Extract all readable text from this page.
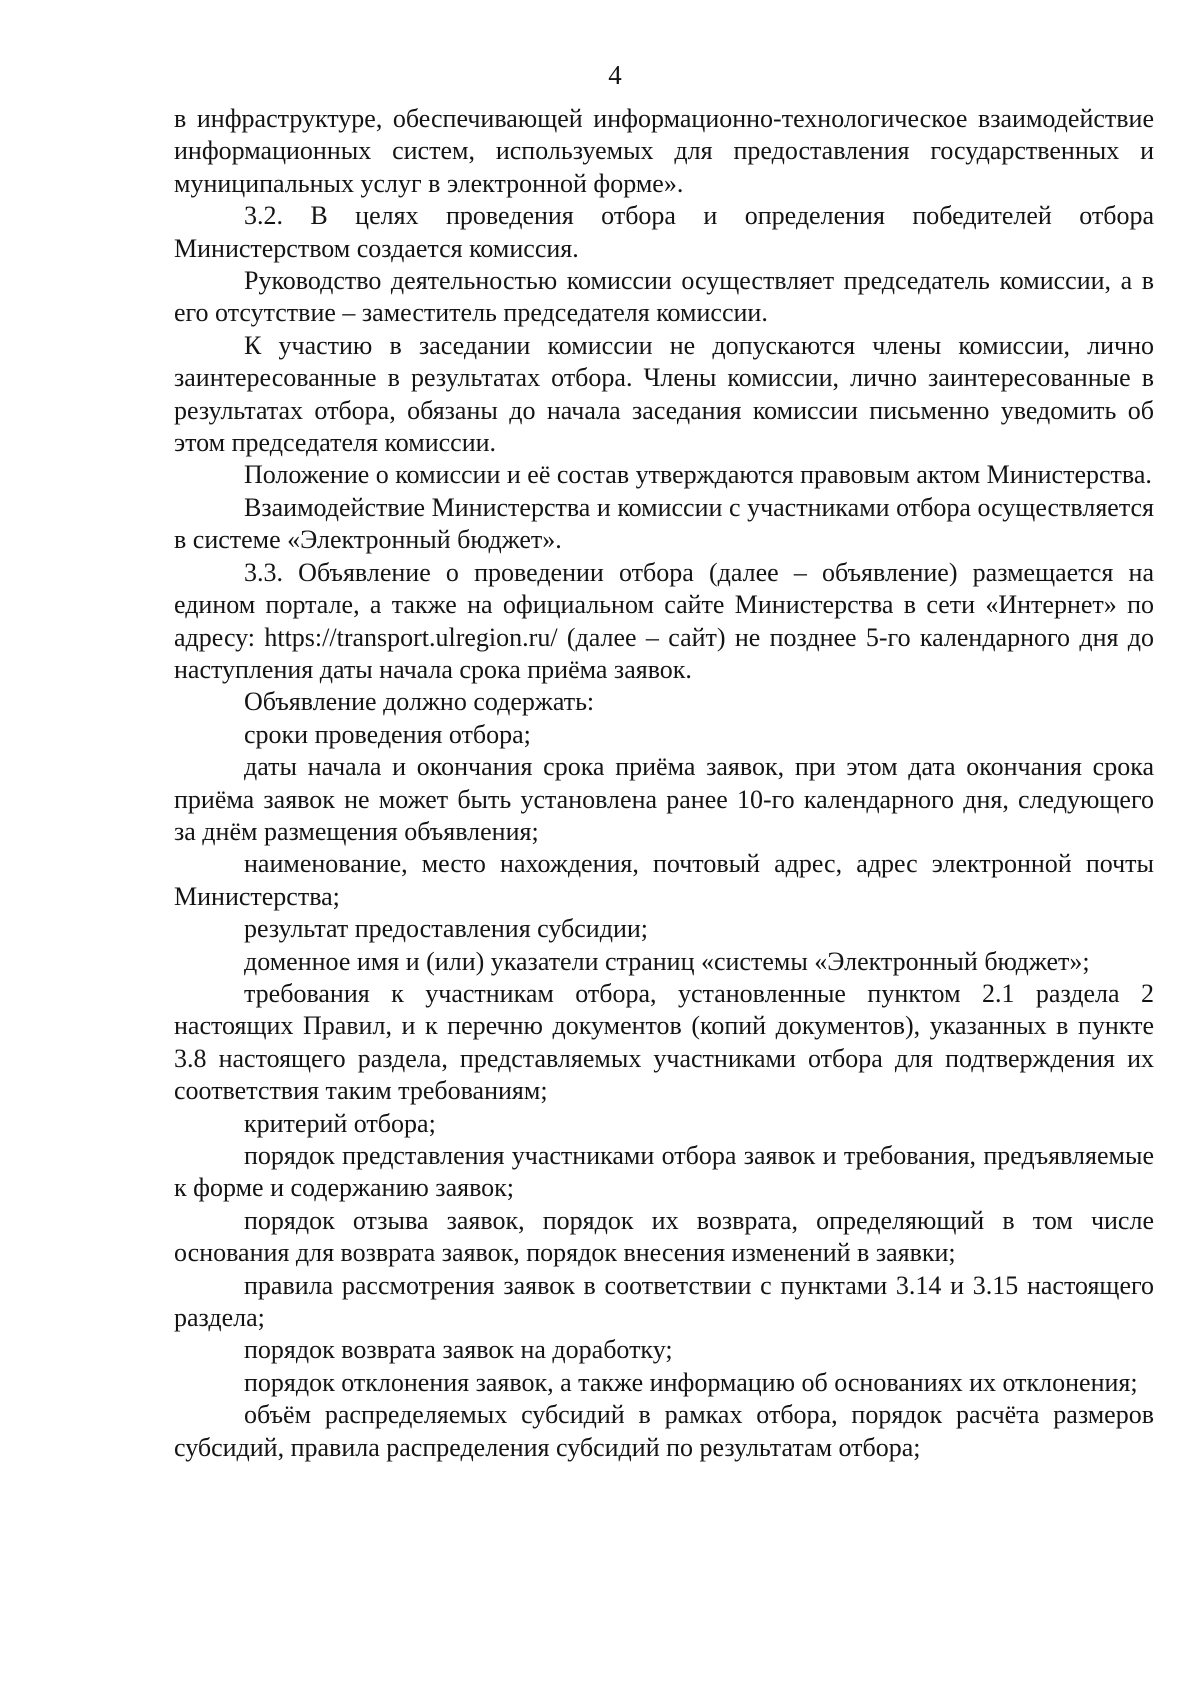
4

в инфраструктуре, обеспечивающей информационно-технологическое взаимодействие информационных систем, используемых для предоставления государственных и муниципальных услуг в электронной форме».

3.2. В целях проведения отбора и определения победителей отбора Министерством создается комиссия.

Руководство деятельностью комиссии осуществляет председатель комиссии, а в его отсутствие – заместитель председателя комиссии.

К участию в заседании комиссии не допускаются члены комиссии, лично заинтересованные в результатах отбора. Члены комиссии, лично заинтересованные в результатах отбора, обязаны до начала заседания комиссии письменно уведомить об этом председателя комиссии.

Положение о комиссии и её состав утверждаются правовым актом Министерства.

Взаимодействие Министерства и комиссии с участниками отбора осуществляется в системе «Электронный бюджет».

3.3. Объявление о проведении отбора (далее – объявление) размещается на едином портале, а также на официальном сайте Министерства в сети «Интернет» по адресу: https://transport.ulregion.ru/ (далее – сайт) не позднее 5-го календарного дня до наступления даты начала срока приёма заявок.

Объявление должно содержать:

сроки проведения отбора;

даты начала и окончания срока приёма заявок, при этом дата окончания срока приёма заявок не может быть установлена ранее 10-го календарного дня, следующего за днём размещения объявления;

наименование, место нахождения, почтовый адрес, адрес электронной почты Министерства;

результат предоставления субсидии;

доменное имя и (или) указатели страниц «системы «Электронный бюджет»;

требования к участникам отбора, установленные пунктом 2.1 раздела 2 настоящих Правил, и к перечню документов (копий документов), указанных в пункте 3.8 настоящего раздела, представляемых участниками отбора для подтверждения их соответствия таким требованиям;

критерий отбора;

порядок представления участниками отбора заявок и требования, предъявляемые к форме и содержанию заявок;

порядок отзыва заявок, порядок их возврата, определяющий в том числе основания для возврата заявок, порядок внесения изменений в заявки;

правила рассмотрения заявок в соответствии с пунктами 3.14 и 3.15 настоящего раздела;

порядок возврата заявок на доработку;

порядок отклонения заявок, а также информацию об основаниях их отклонения;

объём распределяемых субсидий в рамках отбора, порядок расчёта размеров субсидий, правила распределения субсидий по результатам отбора;
